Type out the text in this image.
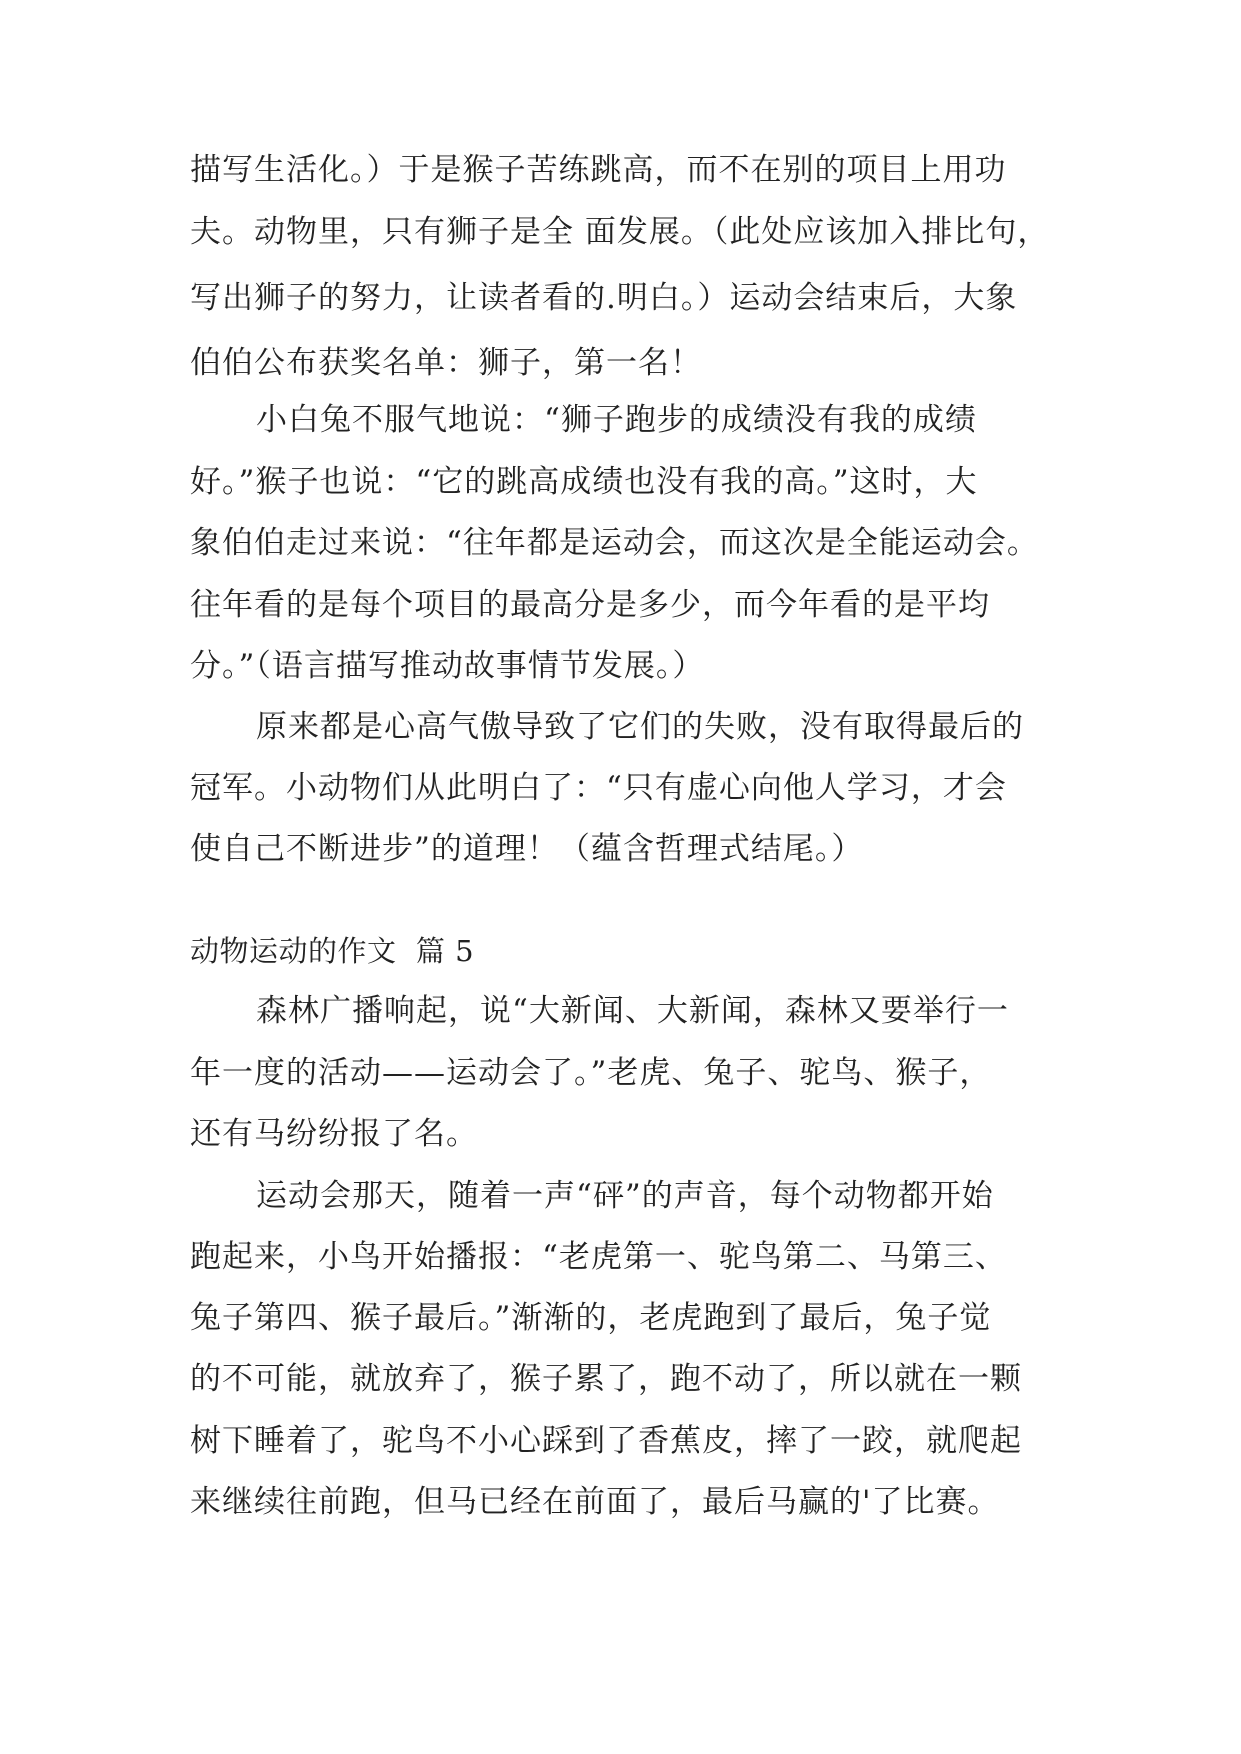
描写生活化。）于是猴子苦练跳高，而不在别的项目上用功
夫。动物里，只有狮子是全 面发展。（此处应该加入排比句，
写出狮子的努力，让读者看的.明白。）运动会结束后，大象
伯伯公布获奖名单：狮子，第一名！
小白兔不服气地说：“狮子跑步的成绩没有我的成绩
好。”猴子也说：“它的跳高成绩也没有我的高。”这时，大
象伯伯走过来说：“往年都是运动会，而这次是全能运动会。
往年看的是每个项目的最高分是多少，而今年看的是平均
分。”（语言描写推动故事情节发展。）
原来都是心高气傲导致了它们的失败，没有取得最后的
冠军。小动物们从此明白了：“只有虚心向他人学习，才会
使自己不断进步”的道理！（蕴含哲理式结尾。）
动物运动的作文  篇 5
森林广播响起，说“大新闻、大新闻，森林又要举行一
年一度的活动——运动会了。”老虎、兔子、驼鸟、猴子，
还有马纷纷报了名。
运动会那天，随着一声“砰”的声音，每个动物都开始
跑起来，小鸟开始播报：“老虎第一、驼鸟第二、马第三、
兔子第四、猴子最后。”渐渐的，老虎跑到了最后，兔子觉
的不可能，就放弃了，猴子累了，跑不动了，所以就在一颗
树下睡着了，驼鸟不小心踩到了香蕉皮，摔了一跤，就爬起
来继续往前跑，但马已经在前面了，最后马赢的'了比赛。
